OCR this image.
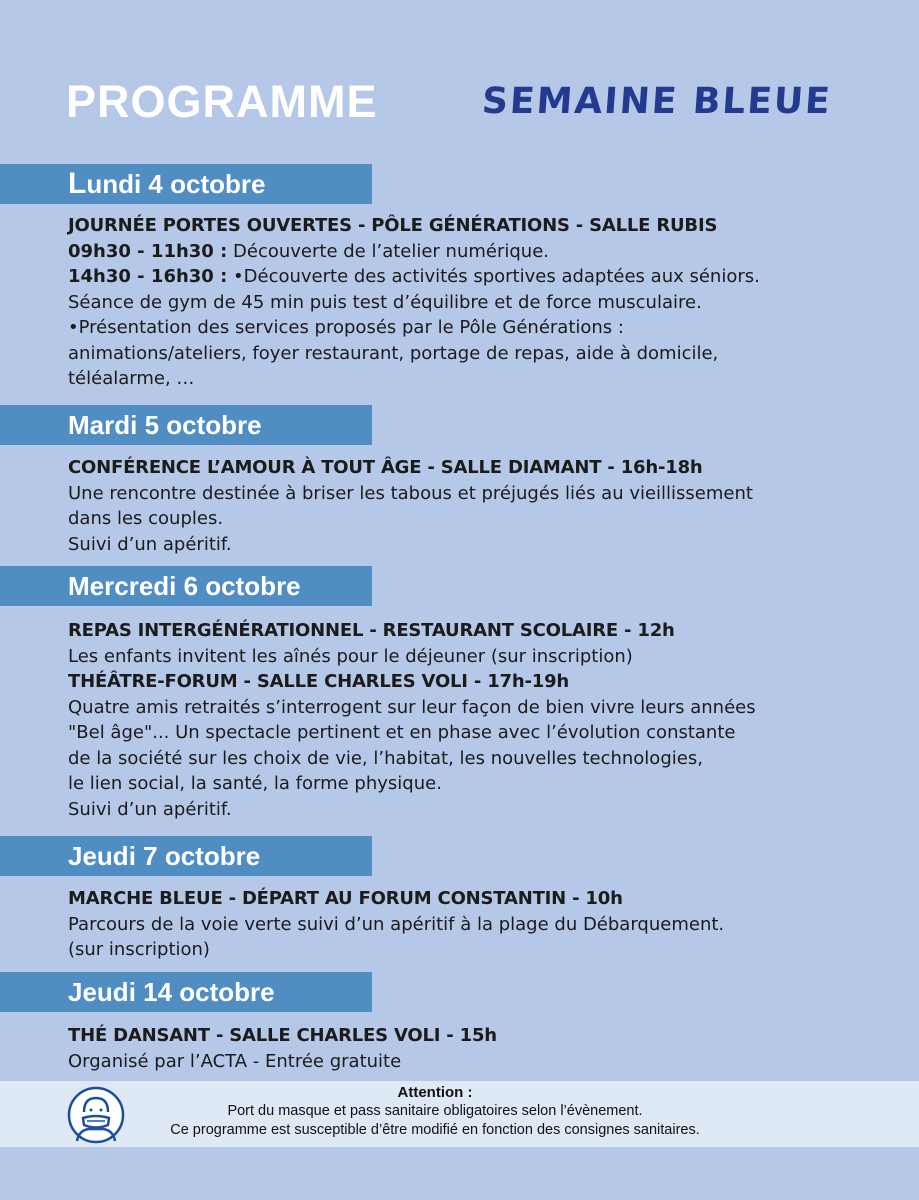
PROGRAMME	SEMAINE BLEUE
Lundi 4 octobre
JOURNÉE PORTES OUVERTES - PÔLE GÉNÉRATIONS - SALLE RUBIS
09h30 - 11h30 : Découverte de l’atelier numérique.
14h30 - 16h30 : •Découverte des activités sportives adaptées aux séniors.
Séance de gym de 45 min puis test d’équilibre et de force musculaire.
•Présentation des services proposés par le Pôle Générations :
animations/ateliers, foyer restaurant, portage de repas, aide à domicile,
téléalarme, …
Mardi 5 octobre
CONFÉRENCE L’AMOUR À TOUT ÂGE - SALLE DIAMANT - 16h-18h
Une rencontre destinée à briser les tabous et préjugés liés au vieillissement
dans les couples.
Suivi d’un apéritif.
Mercredi 6 octobre
REPAS INTERGÉNÉRATIONNEL - RESTAURANT SCOLAIRE - 12h
Les enfants invitent les aînés pour le déjeuner (sur inscription)
THÉÂTRE-FORUM - SALLE CHARLES VOLI - 17h-19h
Quatre amis retraités s’interrogent sur leur façon de bien vivre leurs années
"Bel âge"... Un spectacle pertinent et en phase avec l’évolution constante
de la société sur les choix de vie, l’habitat, les nouvelles technologies,
le lien social, la santé, la forme physique.
Suivi d’un apéritif.
Jeudi 7 octobre
MARCHE BLEUE - DÉPART AU FORUM CONSTANTIN - 10h
Parcours de la voie verte suivi d’un apéritif à la plage du Débarquement.
(sur inscription)
Jeudi 14 octobre
THÉ DANSANT - SALLE CHARLES VOLI - 15h
Organisé par l’ACTA - Entrée gratuite
Attention :
Port du masque et pass sanitaire obligatoires selon l’évènement.
Ce programme est susceptible d’être modifié en fonction des consignes sanitaires.
